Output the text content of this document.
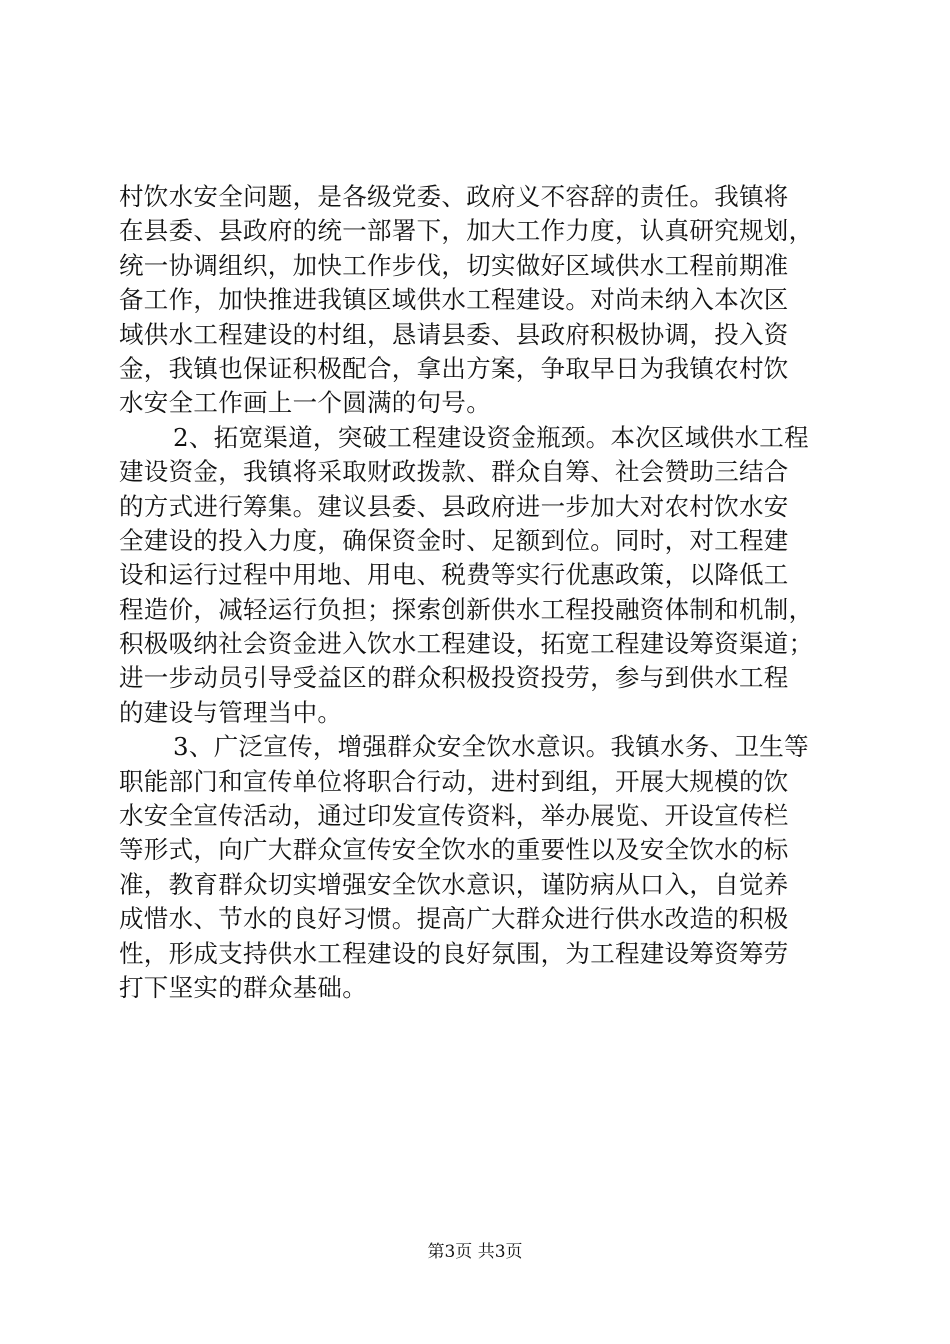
村饮水安全问题，是各级党委、政府义不容辞的责任。我镇将
在县委、县政府的统一部署下，加大工作力度，认真研究规划，
统一协调组织，加快工作步伐，切实做好区域供水工程前期准
备工作，加快推进我镇区域供水工程建设。对尚未纳入本次区
域供水工程建设的村组，恳请县委、县政府积极协调，投入资
金，我镇也保证积极配合，拿出方案，争取早日为我镇农村饮
水安全工作画上一个圆满的句号。
2、拓宽渠道，突破工程建设资金瓶颈。本次区域供水工程
建设资金，我镇将采取财政拨款、群众自筹、社会赞助三结合
的方式进行筹集。建议县委、县政府进一步加大对农村饮水安
全建设的投入力度，确保资金时、足额到位。同时，对工程建
设和运行过程中用地、用电、税费等实行优惠政策，以降低工
程造价，减轻运行负担；探索创新供水工程投融资体制和机制，
积极吸纳社会资金进入饮水工程建设，拓宽工程建设筹资渠道；
进一步动员引导受益区的群众积极投资投劳，参与到供水工程
的建设与管理当中。
3、广泛宣传，增强群众安全饮水意识。我镇水务、卫生等
职能部门和宣传单位将职合行动，进村到组，开展大规模的饮
水安全宣传活动，通过印发宣传资料，举办展览、开设宣传栏
等形式，向广大群众宣传安全饮水的重要性以及安全饮水的标
准，教育群众切实增强安全饮水意识，谨防病从口入，自觉养
成惜水、节水的良好习惯。提高广大群众进行供水改造的积极
性，形成支持供水工程建设的良好氛围，为工程建设筹资筹劳
打下坚实的群众基础。
第3页 共3页
